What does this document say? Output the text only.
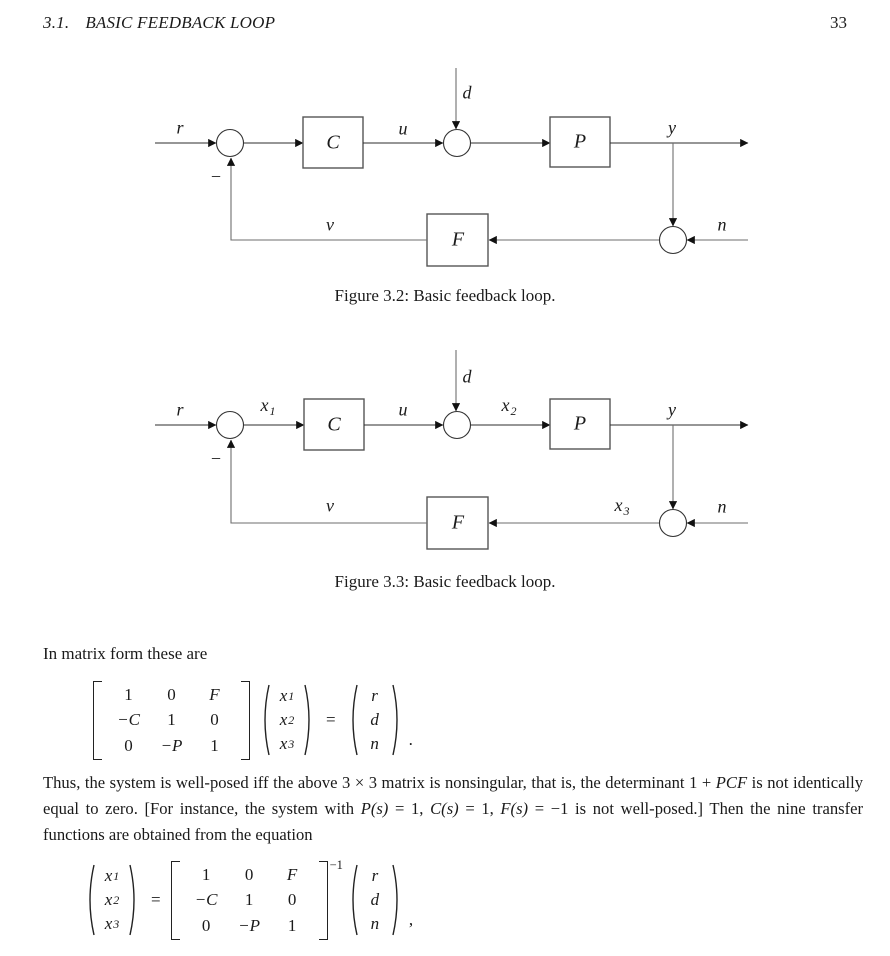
3.1. BASIC FEEDBACK LOOP	33
r	u
d
y
n
v
−
C	P
F
Figure 3.2: Basic feedback loop.
r	$x_1$	u
d
$x_2$	y
$x_3$	n
v
−
C	P
F
Figure 3.3: Basic feedback loop.
In matrix form these are
1	0	F
−C	1	0
0	−P	1
x 1
x 2
x 3
=
r
d
n	.
Thus, the system is well-posed iff the above 3 × 3 matrix is nonsingular, that is, the determinant 1 + PCF is not identically equal to zero. [For instance, the system with P(s) = 1, C(s) = 1, F(s) = −1 is not well-posed.] Then the nine transfer functions are obtained from the equation
x 1
x 2
x 3
=
1	0	F
−C	1	0
0	−P	1
−1
r
d
n	,
